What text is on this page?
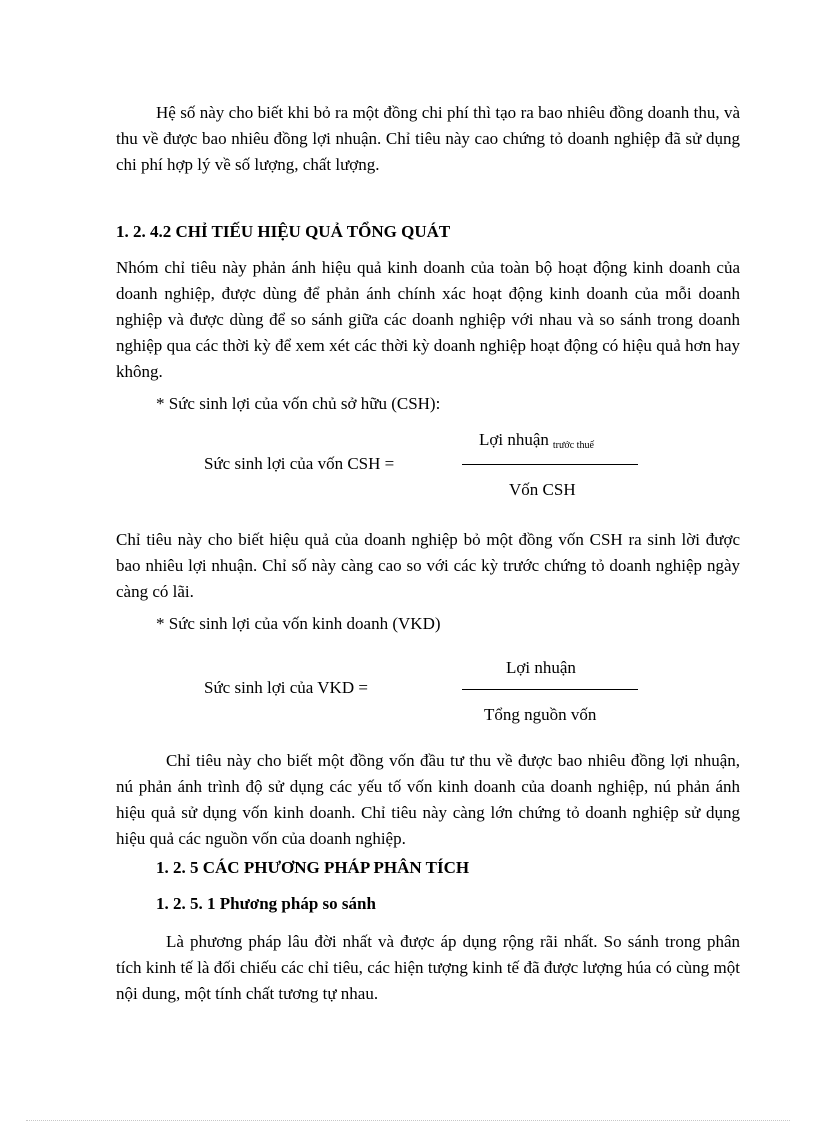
Hệ số này cho biết khi bỏ ra một đồng chi phí thì tạo ra bao nhiêu đồng doanh thu, và thu về được bao nhiêu đồng lợi nhuận. Chỉ tiêu này cao chứng tỏ doanh nghiệp đã sử dụng chi phí hợp lý về số lượng, chất lượng.

1. 2. 4.2 CHỈ TIẾU HIỆU QUẢ TỔNG QUÁT

Nhóm chỉ tiêu này phản ánh hiệu quả kinh doanh của toàn bộ hoạt động kinh doanh của doanh nghiệp, được dùng để phản ánh chính xác hoạt động kinh doanh của mỗi doanh nghiệp và được dùng để so sánh giữa các doanh nghiệp với nhau và so sánh trong doanh nghiệp qua các thời kỳ để xem xét các thời kỳ doanh nghiệp hoạt động có hiệu quả hơn hay không.

* Sức sinh lợi của vốn chủ sở hữu (CSH):

Sức sinh lợi của vốn CSH =
Lợi nhuận $_{trước thuế}$
Vốn CSH

Chỉ tiêu này cho biết hiệu quả của doanh nghiệp bỏ một đồng vốn CSH ra sinh lời được bao nhiêu lợi nhuận. Chỉ số này càng cao so với các kỳ trước chứng tỏ doanh nghiệp ngày càng có lãi.

* Sức sinh lợi của vốn kinh doanh (VKD)

Sức sinh lợi của VKD =
Lợi nhuận
Tổng nguồn vốn

Chỉ tiêu này cho biết một đồng vốn đầu tư thu về được bao nhiêu đồng lợi nhuận, nú phản ánh trình độ sử dụng các yếu tố vốn kinh doanh của doanh nghiệp, nú phản ánh hiệu quả sử dụng vốn kinh doanh. Chỉ tiêu này càng lớn chứng tỏ doanh nghiệp sử dụng hiệu quả các nguồn vốn của doanh nghiệp.

1. 2. 5 CÁC PHƯƠNG PHÁP PHÂN TÍCH

1. 2. 5. 1 Phương pháp so sánh

Là phương pháp lâu đời nhất và được áp dụng rộng rãi nhất. So sánh trong phân tích kinh tế là đối chiếu các chỉ tiêu, các hiện tượng kinh tế đã được lượng húa có cùng một nội dung, một tính chất tương tự nhau.
